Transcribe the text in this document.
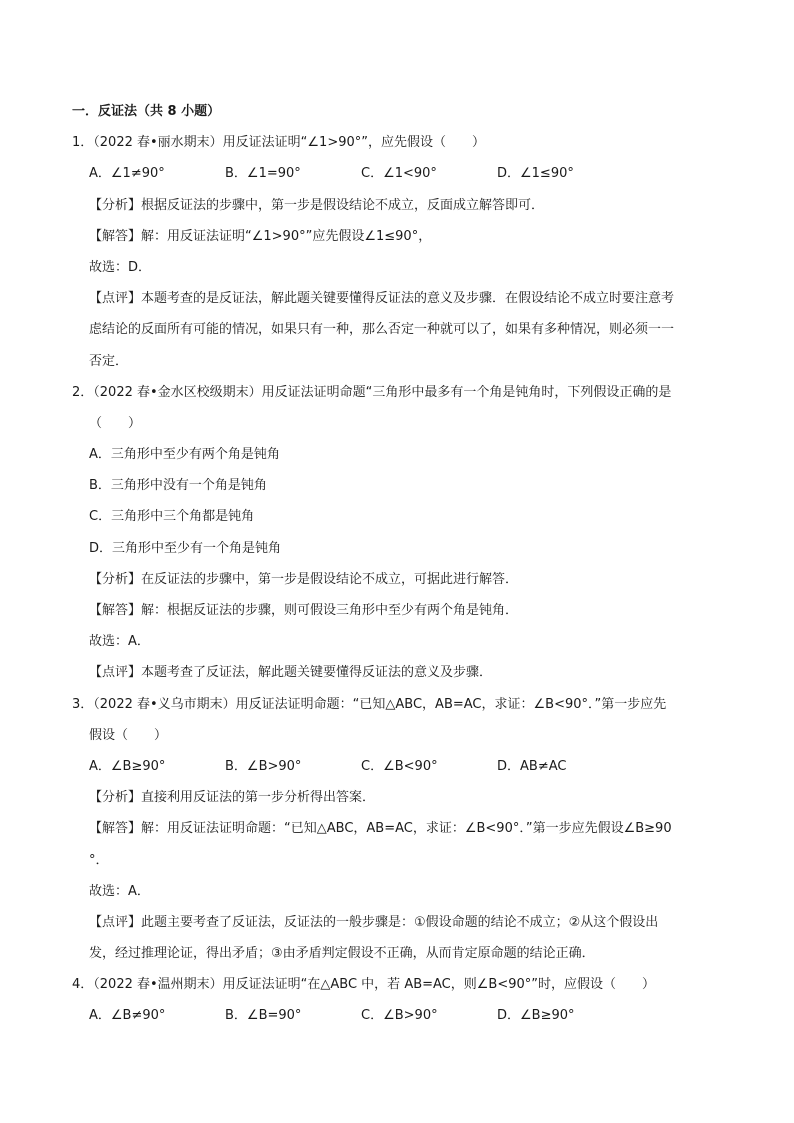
一．反证法（共 8 小题）
1．（2022 春•丽水期末）用反证法证明“∠1>90°”，应先假设（　　）
A．∠1≠90°	B．∠1=90°	C．∠1<90°	D．∠1≤90°
【分析】根据反证法的步骤中，第一步是假设结论不成立，反面成立解答即可．
【解答】解：用反证法证明“∠1>90°”应先假设∠1≤90°，
故选：D．
【点评】本题考查的是反证法，解此题关键要懂得反证法的意义及步骤．在假设结论不成立时要注意考
虑结论的反面所有可能的情况，如果只有一种，那么否定一种就可以了，如果有多种情况，则必须一一
否定．
2．（2022 春•金水区校级期末）用反证法证明命题“三角形中最多有一个角是钝角时，下列假设正确的是
（　　）
A．三角形中至少有两个角是钝角
B．三角形中没有一个角是钝角
C．三角形中三个角都是钝角
D．三角形中至少有一个角是钝角
【分析】在反证法的步骤中，第一步是假设结论不成立，可据此进行解答．
【解答】解：根据反证法的步骤，则可假设三角形中至少有两个角是钝角．
故选：A．
【点评】本题考查了反证法，解此题关键要懂得反证法的意义及步骤．
3．（2022 春•义乌市期末）用反证法证明命题：“已知△ABC，AB=AC，求证：∠B<90°．”第一步应先
假设（　　）
A．∠B≥90°	B．∠B>90°	C．∠B<90°	D．AB≠AC
【分析】直接利用反证法的第一步分析得出答案．
【解答】解：用反证法证明命题：“已知△ABC，AB=AC，求证：∠B<90°．”第一步应先假设∠B≥90
°．
故选：A．
【点评】此题主要考查了反证法，反证法的一般步骤是：①假设命题的结论不成立；②从这个假设出
发，经过推理论证，得出矛盾；③由矛盾判定假设不正确，从而肯定原命题的结论正确．
4．（2022 春•温州期末）用反证法证明“在△ABC 中，若 AB=AC，则∠B<90°”时，应假设（　　）
A．∠B≠90°	B．∠B=90°	C．∠B>90°	D．∠B≥90°
